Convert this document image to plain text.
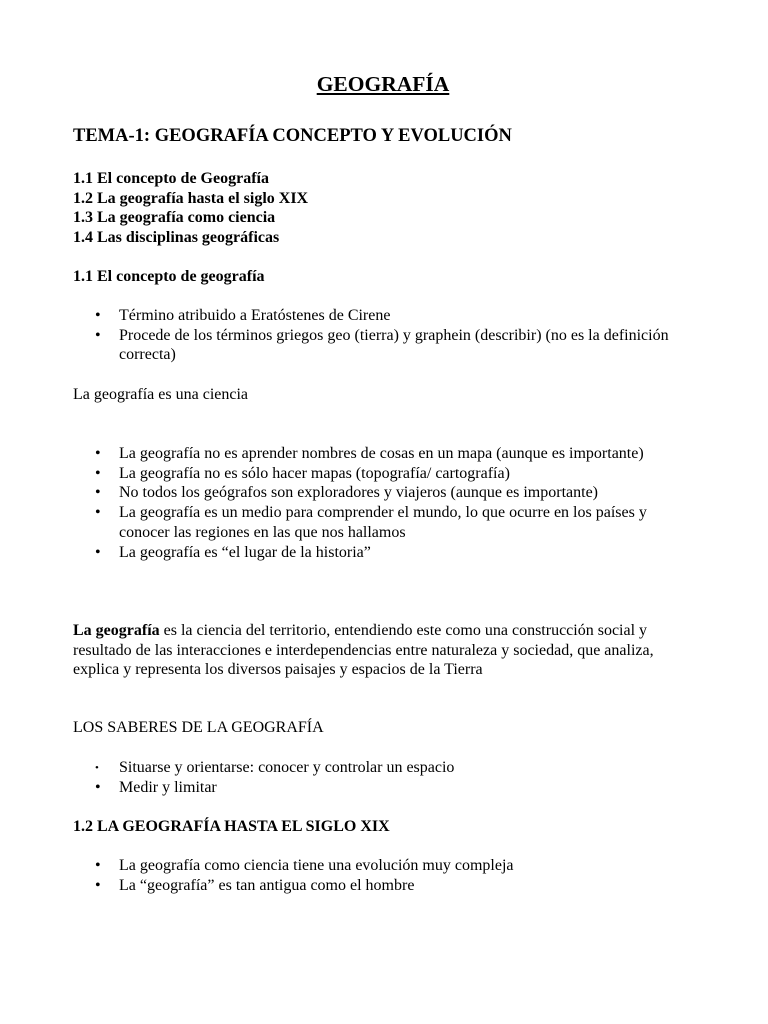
GEOGRAFÍA
TEMA-1: GEOGRAFÍA CONCEPTO Y EVOLUCIÓN
1.1 El concepto de Geografía
1.2 La geografía hasta el siglo XIX
1.3 La geografía como ciencia
1.4 Las disciplinas geográficas

1.1 El concepto de geografía

• Término atribuido a Eratóstenes de Cirene
• Procede de los términos griegos geo (tierra) y graphein (describir) (no es la definición correcta)

La geografía es una ciencia

• La geografía no es aprender nombres de cosas en un mapa (aunque es importante)
• La geografía no es sólo hacer mapas (topografía/ cartografía)
• No todos los geógrafos son exploradores y viajeros (aunque es importante)
• La geografía es un medio para comprender el mundo, lo que ocurre en los países y conocer las regiones en las que nos hallamos
• La geografía es “el lugar de la historia”

La geografía es la ciencia del territorio, entendiendo este como una construcción social y resultado de las interacciones e interdependencias entre naturaleza y sociedad, que analiza, explica y representa los diversos paisajes y espacios de la Tierra

LOS SABERES DE LA GEOGRAFÍA

• Situarse y orientarse: conocer y controlar un espacio
• Medir y limitar

1.2 LA GEOGRAFÍA HASTA EL SIGLO XIX

• La geografía como ciencia tiene una evolución muy compleja
• La “geografía” es tan antigua como el hombre
